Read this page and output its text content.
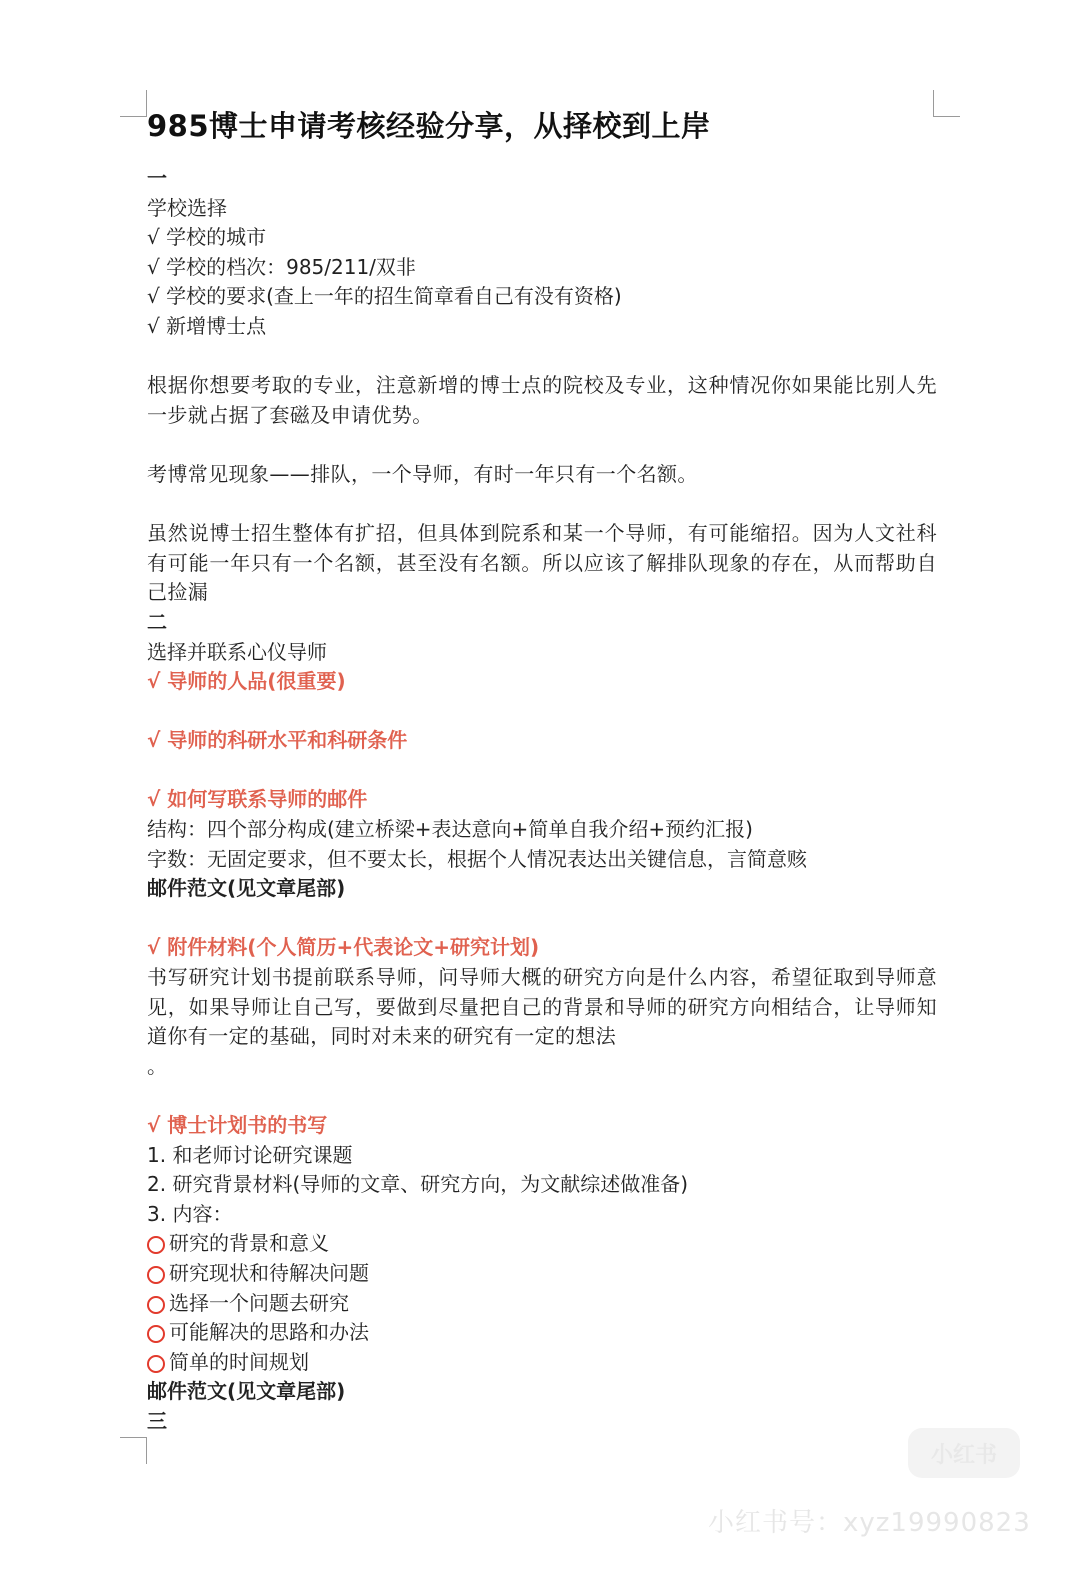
985博士申请考核经验分享，从择校到上岸
一
学校选择
√ 学校的城市
√ 学校的档次：985/211/双非
√ 学校的要求(查上一年的招生简章看自己有没有资格)
√ 新增博士点
根据你想要考取的专业，注意新增的博士点的院校及专业，这种情况你如果能比别人先一步就占据了套磁及申请优势。
考博常见现象——排队，一个导师，有时一年只有一个名额。
虽然说博士招生整体有扩招，但具体到院系和某一个导师，有可能缩招。因为人文社科有可能一年只有一个名额，甚至没有名额。所以应该了解排队现象的存在，从而帮助自己捡漏
二
选择并联系心仪导师
√ 导师的人品(很重要)
√ 导师的科研水平和科研条件
√ 如何写联系导师的邮件
结构：四个部分构成(建立桥梁+表达意向+简单自我介绍+预约汇报)
字数：无固定要求，但不要太长，根据个人情况表达出关键信息，言简意赅
邮件范文(见文章尾部)
√ 附件材料(个人简历+代表论文+研究计划)
书写研究计划书提前联系导师，问导师大概的研究方向是什么内容，希望征取到导师意见，如果导师让自己写，要做到尽量把自己的背景和导师的研究方向相结合，让导师知道你有一定的基础，同时对未来的研究有一定的想法
。
√ 博士计划书的书写
1. 和老师讨论研究课题
2. 研究背景材料(导师的文章、研究方向，为文献综述做准备)
3. 内容：
研究的背景和意义
研究现状和待解决问题
选择一个问题去研究
可能解决的思路和办法
简单的时间规划
邮件范文(见文章尾部)
三
小红书
小红书号：xyz19990823
